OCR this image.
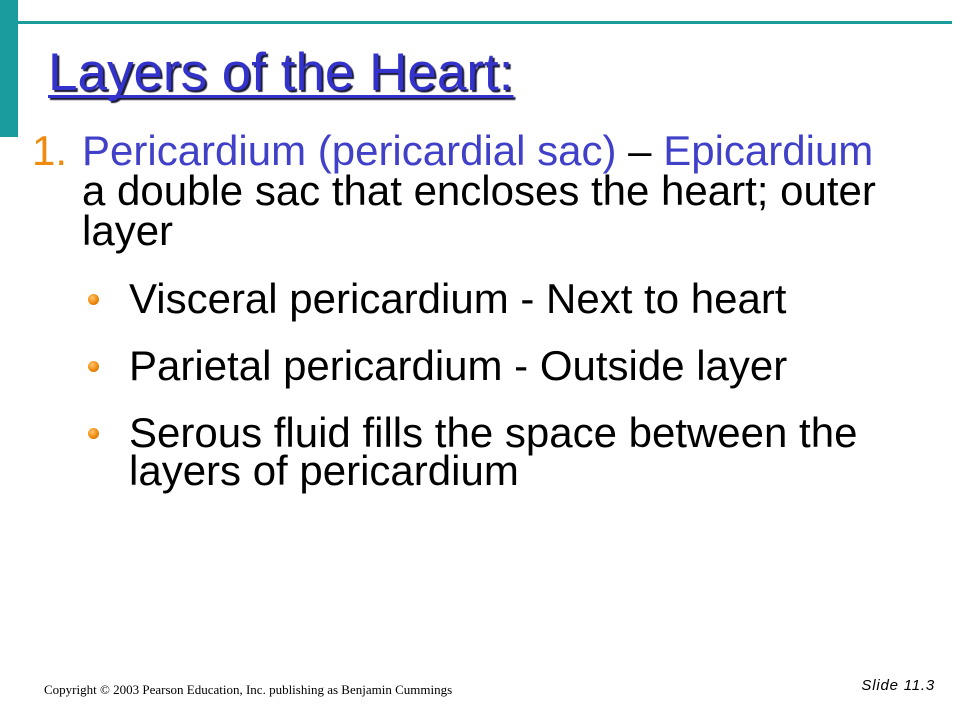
Layers of the Heart:
1. Pericardium (pericardial sac) – Epicardium
a double sac that encloses the heart; outer
layer
Visceral pericardium - Next to heart
Parietal pericardium - Outside layer
Serous fluid fills the space between the
layers of pericardium
Copyright © 2003 Pearson Education, Inc. publishing as Benjamin Cummings	Slide 11.3
